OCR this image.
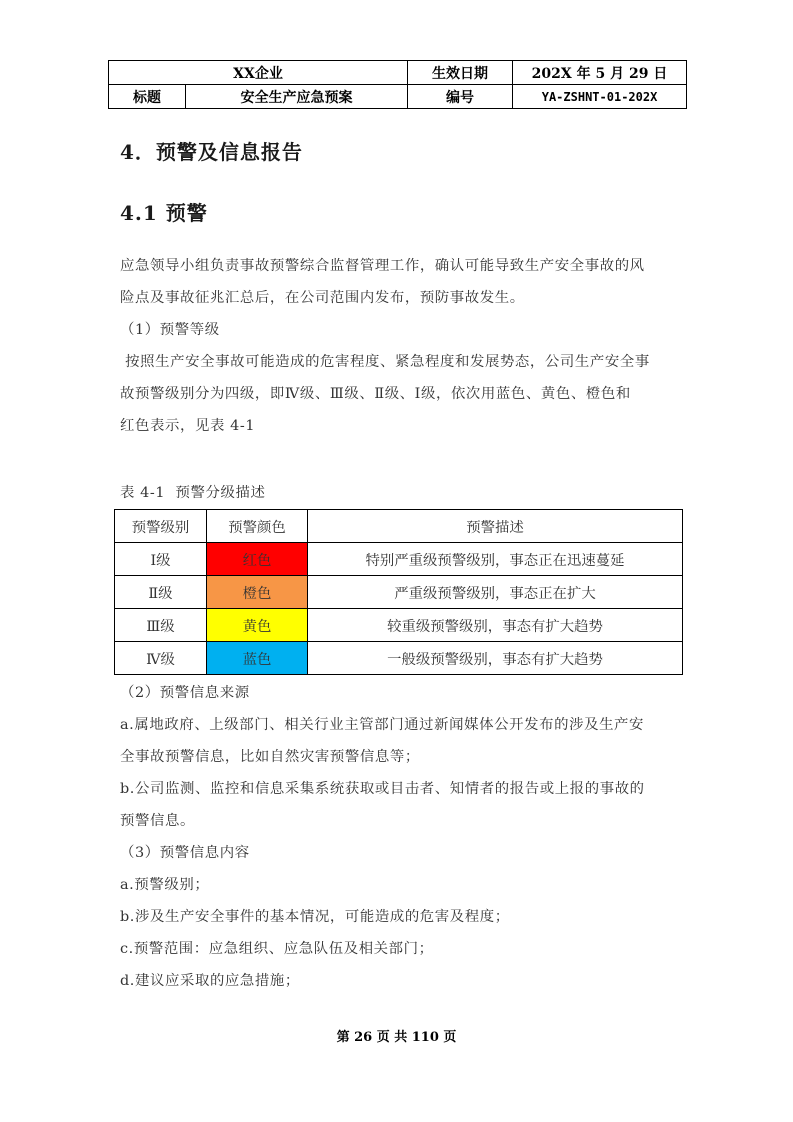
XX企业		生效日期	202X 年 5 月 29 日
标题	安全生产应急预案	编号	YA-ZSHNT-01-202X
4．预警及信息报告
4.1 预警
应急领导小组负责事故预警综合监督管理工作，确认可能导致生产安全事故的风
险点及事故征兆汇总后，在公司范围内发布，预防事故发生。
（1）预警等级
按照生产安全事故可能造成的危害程度、紧急程度和发展势态，公司生产安全事
故预警级别分为四级，即Ⅳ级、Ⅲ级、Ⅱ级、Ⅰ级，依次用蓝色、黄色、橙色和
红色表示，见表 4-1
表 4-1  预警分级描述
预警级别	预警颜色	预警描述
Ⅰ级	红色	特别严重级预警级别，事态正在迅速蔓延
Ⅱ级	橙色	严重级预警级别，事态正在扩大
Ⅲ级	黄色	较重级预警级别，事态有扩大趋势
Ⅳ级	蓝色	一般级预警级别，事态有扩大趋势
（2）预警信息来源
a.属地政府、上级部门、相关行业主管部门通过新闻媒体公开发布的涉及生产安
全事故预警信息，比如自然灾害预警信息等；
b.公司监测、监控和信息采集系统获取或目击者、知情者的报告或上报的事故的
预警信息。
（3）预警信息内容
a.预警级别；
b.涉及生产安全事件的基本情况，可能造成的危害及程度；
c.预警范围：应急组织、应急队伍及相关部门；
d.建议应采取的应急措施；
第 26 页 共 110 页
